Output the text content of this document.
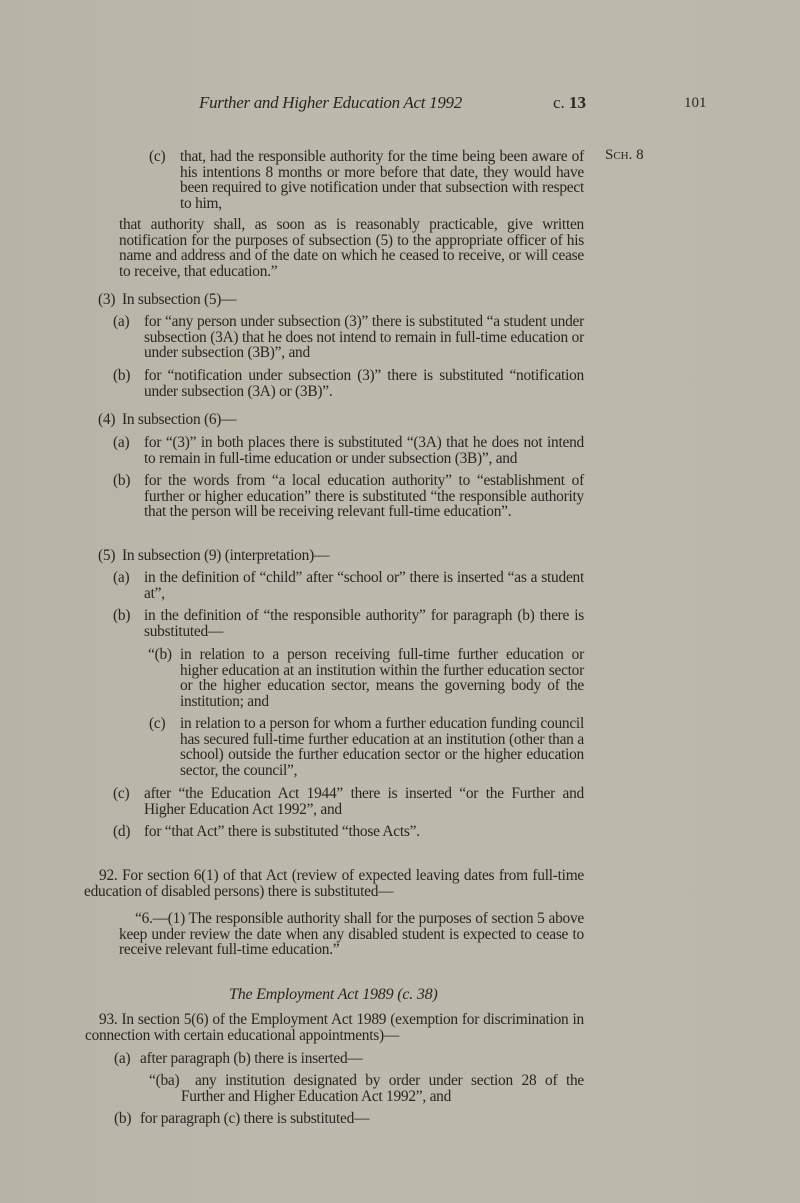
Further and Higher Education Act 1992	c. 13	101
Sch. 8
(c) that, had the responsible authority for the time being been aware of his intentions 8 months or more before that date, they would have been required to give notification under that subsection with respect to him,
that authority shall, as soon as is reasonably practicable, give written notification for the purposes of subsection (5) to the appropriate officer of his name and address and of the date on which he ceased to receive, or will cease to receive, that education.”
(3) In subsection (5)—
(a) for “any person under subsection (3)” there is substituted “a student under subsection (3A) that he does not intend to remain in full-time education or under subsection (3B)”, and
(b) for “notification under subsection (3)” there is substituted “notification under subsection (3A) or (3B)”.
(4) In subsection (6)—
(a) for “(3)” in both places there is substituted “(3A) that he does not intend to remain in full-time education or under subsection (3B)”, and
(b) for the words from “a local education authority” to “establishment of further or higher education” there is substituted “the responsible authority that the person will be receiving relevant full-time education”.
(5) In subsection (9) (interpretation)—
(a) in the definition of “child” after “school or” there is inserted “as a student at”,
(b) in the definition of “the responsible authority” for paragraph (b) there is substituted—
“(b) in relation to a person receiving full-time further education or higher education at an institution within the further education sector or the higher education sector, means the governing body of the institution; and
(c) in relation to a person for whom a further education funding council has secured full-time further education at an institution (other than a school) outside the further education sector or the higher education sector, the council”,
(c) after “the Education Act 1944” there is inserted “or the Further and Higher Education Act 1992”, and
(d) for “that Act” there is substituted “those Acts”.
92. For section 6(1) of that Act (review of expected leaving dates from full-time education of disabled persons) there is substituted—
“6.—(1) The responsible authority shall for the purposes of section 5 above keep under review the date when any disabled student is expected to cease to receive relevant full-time education.”
The Employment Act 1989 (c. 38)
93. In section 5(6) of the Employment Act 1989 (exemption for discrimination in connection with certain educational appointments)—
(a) after paragraph (b) there is inserted—
“(ba) any institution designated by order under section 28 of the Further and Higher Education Act 1992”, and
(b) for paragraph (c) there is substituted—
